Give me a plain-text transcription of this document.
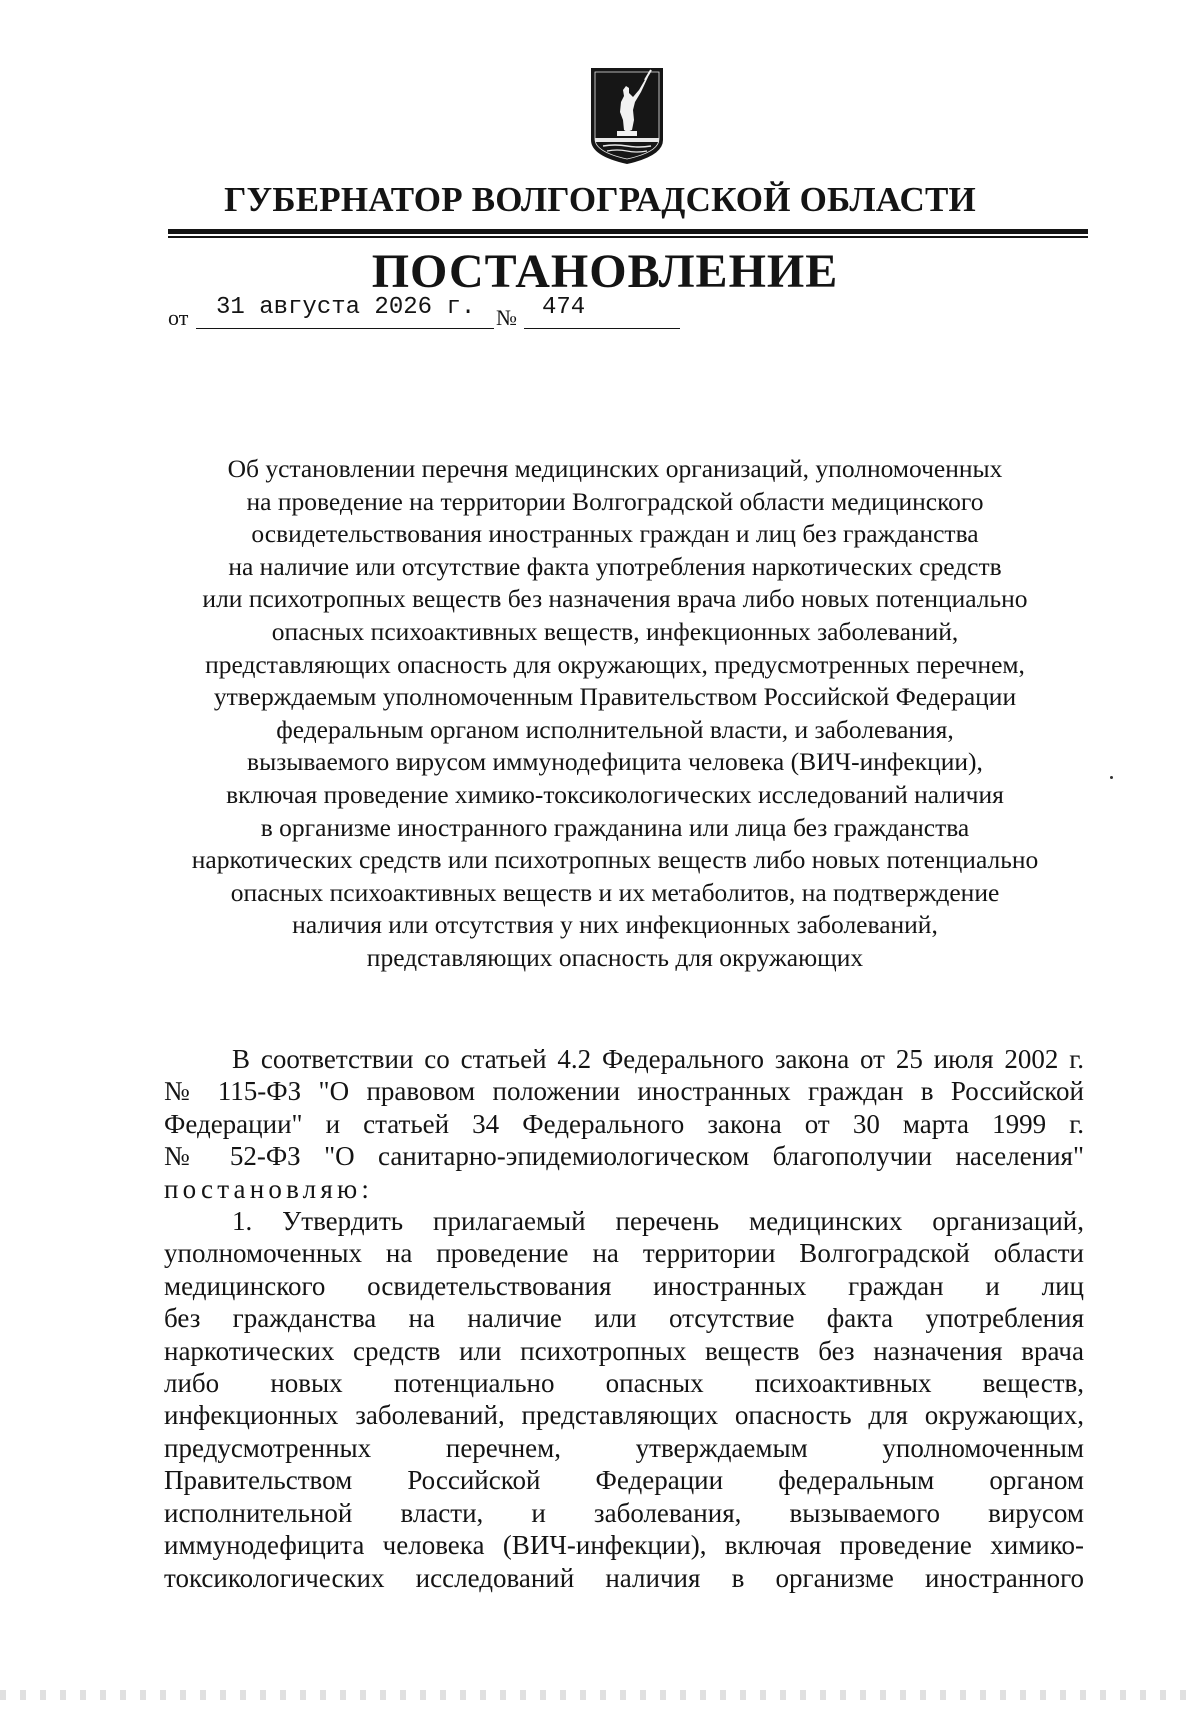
ГУБЕРНАТОР ВОЛГОГРАДСКОЙ ОБЛАСТИ
ПОСТАНОВЛЕНИЕ
от 31 августа 2026 г. № 474
Об установлении перечня медицинских организаций, уполномоченных
на проведение на территории Волгоградской области медицинского
освидетельствования иностранных граждан и лиц без гражданства
на наличие или отсутствие факта употребления наркотических средств
или психотропных веществ без назначения врача либо новых потенциально
опасных психоактивных веществ, инфекционных заболеваний,
представляющих опасность для окружающих, предусмотренных перечнем,
утверждаемым уполномоченным Правительством Российской Федерации
федеральным органом исполнительной власти, и заболевания,
вызываемого вирусом иммунодефицита человека (ВИЧ-инфекции),
включая проведение химико-токсикологических исследований наличия
в организме иностранного гражданина или лица без гражданства
наркотических средств или психотропных веществ либо новых потенциально
опасных психоактивных веществ и их метаболитов, на подтверждение
наличия или отсутствия у них инфекционных заболеваний,
представляющих опасность для окружающих
В соответствии со статьей 4.2 Федерального закона от 25 июля 2002 г.
№ 115-ФЗ "О правовом положении иностранных граждан в Российской
Федерации" и статьей 34 Федерального закона от 30 марта 1999 г.
№ 52-ФЗ "О санитарно-эпидемиологическом благополучии населения"
постановляю:
1. Утвердить прилагаемый перечень медицинских организаций,
уполномоченных на проведение на территории Волгоградской области
медицинского освидетельствования иностранных граждан и лиц
без гражданства на наличие или отсутствие факта употребления
наркотических средств или психотропных веществ без назначения врача
либо новых потенциально опасных психоактивных веществ,
инфекционных заболеваний, представляющих опасность для окружающих,
предусмотренных перечнем, утверждаемым уполномоченным
Правительством Российской Федерации федеральным органом
исполнительной власти, и заболевания, вызываемого вирусом
иммунодефицита человека (ВИЧ-инфекции), включая проведение химико-
токсикологических исследований наличия в организме иностранного
